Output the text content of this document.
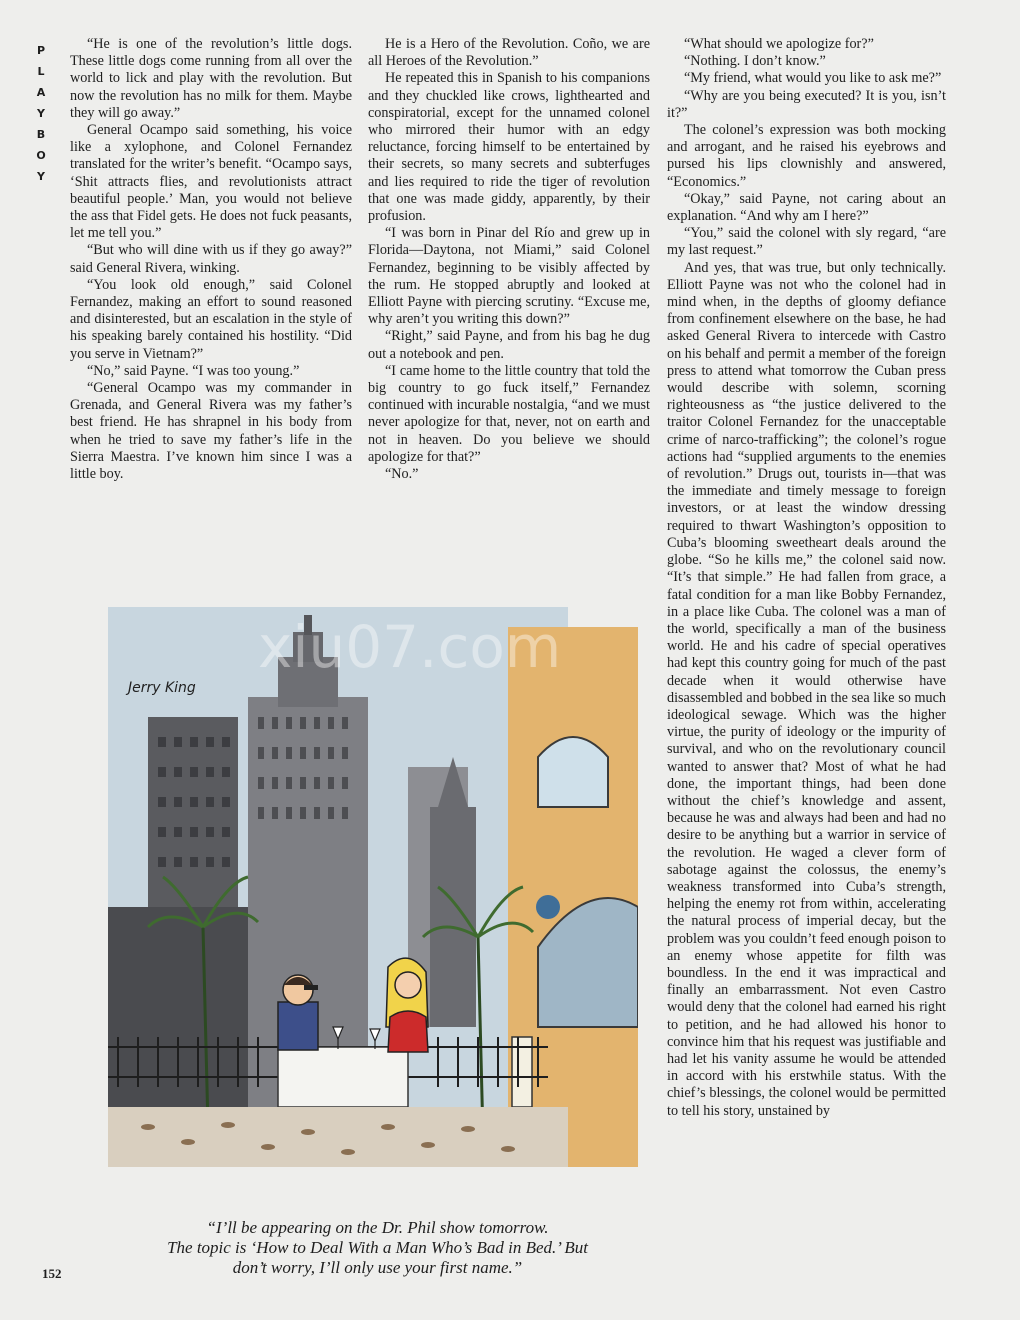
P
L
A
Y
B
O
Y

“He is one of the revolution’s little dogs. These little dogs come running from all over the world to lick and play with the revolution. But now the revolution has no milk for them. Maybe they will go away.”

General Ocampo said something, his voice like a xylophone, and Colonel Fernandez translated for the writer’s benefit. “Ocampo says, ‘Shit attracts flies, and revolutionists attract beautiful people.’ Man, you would not believe the ass that Fidel gets. He does not fuck peasants, let me tell you.”

“But who will dine with us if they go away?” said General Rivera, winking.

“You look old enough,” said Colonel Fernandez, making an effort to sound reasoned and disinterested, but an escalation in the style of his speaking barely contained his hostility. “Did you serve in Vietnam?”

“No,” said Payne. “I was too young.”

“General Ocampo was my commander in Grenada, and General Rivera was my father’s best friend. He has shrapnel in his body from when he tried to save my father’s life in the Sierra Maestra. I’ve known him since I was a little boy.

He is a Hero of the Revolution. Coño, we are all Heroes of the Revolution.”

He repeated this in Spanish to his companions and they chuckled like crows, lighthearted and conspiratorial, except for the unnamed colonel who mirrored their humor with an edgy reluctance, forcing himself to be entertained by their secrets, so many secrets and subterfuges and lies required to ride the tiger of revolution that one was made giddy, apparently, by their profusion.

“I was born in Pinar del Río and grew up in Florida—Daytona, not Miami,” said Colonel Fernandez, beginning to be visibly affected by the rum. He stopped abruptly and looked at Elliott Payne with piercing scrutiny. “Excuse me, why aren’t you writing this down?”

“Right,” said Payne, and from his bag he dug out a notebook and pen.

“I came home to the little country that told the big country to go fuck itself,” Fernandez continued with incurable nostalgia, “and we must never apologize for that, never, not on earth and not in heaven. Do you believe we should apologize for that?”

“No.”

“What should we apologize for?”

“Nothing. I don’t know.”

“My friend, what would you like to ask me?”

“Why are you being executed? It is you, isn’t it?”

The colonel’s expression was both mocking and arrogant, and he raised his eyebrows and pursed his lips clownishly and answered, “Economics.”

“Okay,” said Payne, not caring about an explanation. “And why am I here?”

“You,” said the colonel with sly regard, “are my last request.”

And yes, that was true, but only technically. Elliott Payne was not who the colonel had in mind when, in the depths of gloomy defiance from confinement elsewhere on the base, he had asked General Rivera to intercede with Castro on his behalf and permit a member of the foreign press to attend what tomorrow the Cuban press would describe with solemn, scorning righteousness as “the justice delivered to the traitor Colonel Fernandez for the unacceptable crime of narco-trafficking”; the colonel’s rogue actions had “supplied arguments to the enemies of revolution.” Drugs out, tourists in—that was the immediate and timely message to foreign investors, or at least the window dressing required to thwart Washington’s opposition to Cuba’s blooming sweetheart deals around the globe. “So he kills me,” the colonel said now. “It’s that simple.” He had fallen from grace, a fatal condition for a man like Bobby Fernandez, in a place like Cuba. The colonel was a man of the world, specifically a man of the business world. He and his cadre of special operatives had kept this country going for much of the past decade when it would otherwise have disassembled and bobbed in the sea like so much ideological sewage. Which was the higher virtue, the purity of ideology or the impurity of survival, and who on the revolutionary council wanted to answer that? Most of what he had done, the important things, had been done without the chief’s knowledge and assent, because he was and always had been and had no desire to be anything but a warrior in service of the revolution. He waged a clever form of sabotage against the colossus, the enemy’s weakness transformed into Cuba’s strength, helping the enemy rot from within, accelerating the natural process of imperial decay, but the problem was you couldn’t feed enough poison to an enemy whose appetite for filth was boundless. In the end it was impractical and finally an embarrassment. Not even Castro would deny that the colonel had earned his right to petition, and he had allowed his honor to convince him that his request was justifiable and had let his vanity assume he would be attended in accord with his erstwhile status. With the chief’s blessings, the colonel would be permitted to tell his story, unstained by

Jerry King
xiu07.com
“I’ll be appearing on the Dr. Phil show tomorrow.
The topic is ‘How to Deal With a Man Who’s Bad in Bed.’ But
don’t worry, I’ll only use your first name.”
152
